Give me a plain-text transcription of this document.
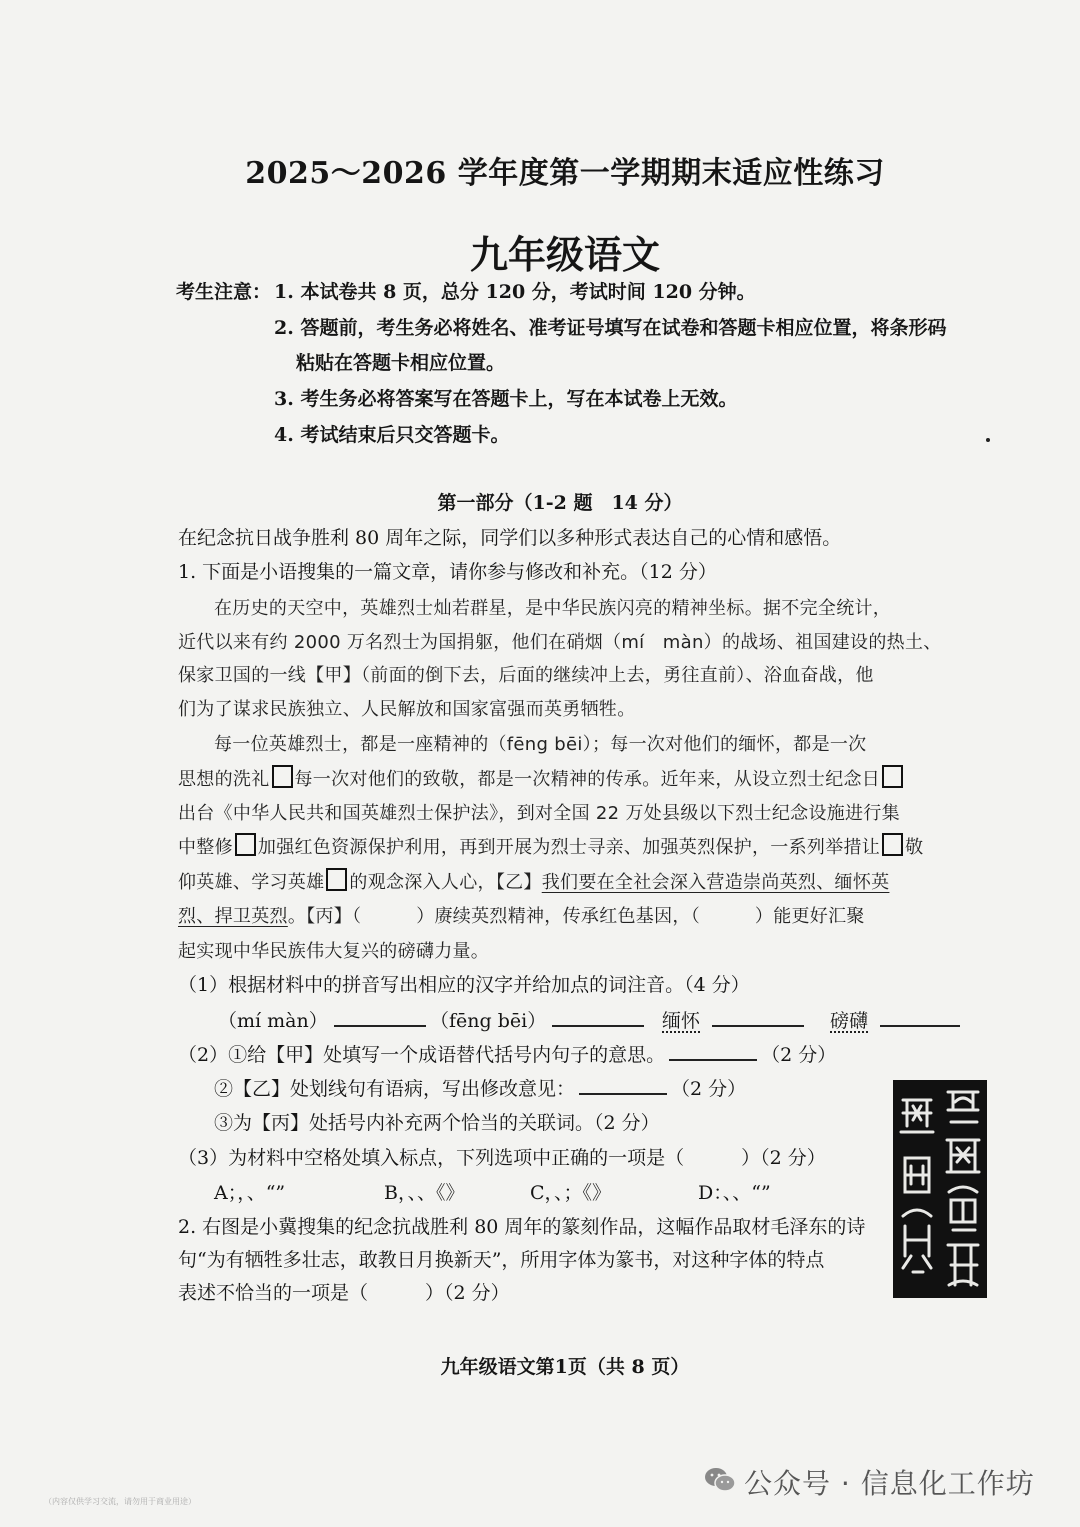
2025～2026 学年度第一学期期末适应性练习
九年级语文
考生注意： 1. 本试卷共 8 页，总分 120 分，考试时间 120 分钟。
2. 答题前，考生务必将姓名、准考证号填写在试卷和答题卡相应位置，将条形码
粘贴在答题卡相应位置。
3. 考生务必将答案写在答题卡上，写在本试卷上无效。
4. 考试结束后只交答题卡。
第一部分（1-2 题　14 分）
在纪念抗日战争胜利 80 周年之际，同学们以多种形式表达自己的心情和感悟。
1. 下面是小语搜集的一篇文章，请你参与修改和补充。（12 分）
在历史的天空中，英雄烈士灿若群星，是中华民族闪亮的精神坐标。据不完全统计，
近代以来有约 2000 万名烈士为国捐躯，他们在硝烟（mí　màn）的战场、祖国建设的热土、
保家卫国的一线【甲】（前面的倒下去，后面的继续冲上去，勇往直前）、浴血奋战，他
们为了谋求民族独立、人民解放和国家富强而英勇牺牲。
每一位英雄烈士，都是一座精神的（fēng bēi）；每一次对他们的缅怀，都是一次
思想的洗礼 每一次对他们的致敬，都是一次精神的传承。近年来，从设立烈士纪念日
出台《中华人民共和国英雄烈士保护法》，到对全国 22 万处县级以下烈士纪念设施进行集
中整修 加强红色资源保护利用，再到开展为烈士寻亲、加强英烈保护，一系列举措让 敬
仰英雄、学习英雄 的观念深入人心，【乙】我们要在全社会深入营造崇尚英烈、缅怀英
烈、捍卫英烈。【丙】（　　　）赓续英烈精神，传承红色基因，（　　　）能更好汇聚
起实现中华民族伟大复兴的磅礴力量。
（1）根据材料中的拼音写出相应的汉字并给加点的词注音。（4 分）
（mí màn）	（fēng bēi）	缅怀	磅礴
（2）①给【甲】处填写一个成语替代括号内句子的意思。	（2 分）
②【乙】处划线句有语病，写出修改意见：	（2 分）
③为【丙】处括号内补充两个恰当的关联词。（2 分）
（3）为材料中空格处填入标点，下列选项中正确的一项是（　　　）（2 分）
A；，、“”	B，、、《》	C，、；《》	D：、、“”
2. 右图是小冀搜集的纪念抗战胜利 80 周年的篆刻作品，这幅作品取材毛泽东的诗
句“为有牺牲多壮志，敢教日月换新天”，所用字体为篆书，对这种字体的特点
表述不恰当的一项是（　　　）（2 分）
九年级语文第1页（共 8 页）
公众号 · 信息化工作坊
（内容仅供学习交流，请勿用于商业用途）
